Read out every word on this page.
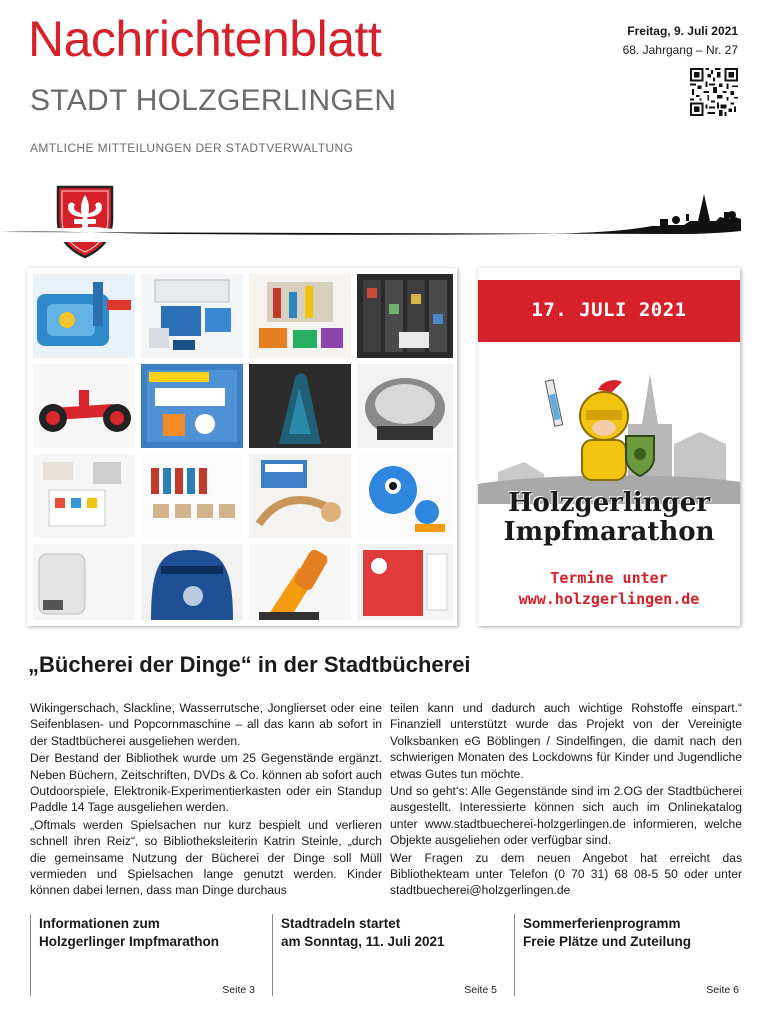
Nachrichtenblatt
STADT HOLZGERLINGEN
AMTLICHE MITTEILUNGEN DER STADTVERWALTUNG
Freitag, 9. Juli 2021
68. Jahrgang – Nr. 27
17. JULI 2021
Holzgerlinger
Impfmarathon
Termine unter
www.holzgerlingen.de
„Bücherei der Dinge“ in der Stadtbücherei

Wikingerschach, Slackline, Wasserrutsche, Jonglierset oder eine Seifenblasen- und Popcornmaschine – all das kann ab sofort in der Stadtbücherei ausgeliehen werden.

Der Bestand der Bibliothek wurde um 25 Gegenstände ergänzt. Neben Büchern, Zeitschriften, DVDs & Co. können ab sofort auch Outdoorspiele, Elektronik-Experimentierkasten oder ein Standup Paddle 14 Tage ausgeliehen werden.

„Oftmals werden Spielsachen nur kurz bespielt und verlieren schnell ihren Reiz“, so Bibliotheksleiterin Katrin Steinle, „durch die gemeinsame Nutzung der Bücherei der Dinge soll Müll vermieden und Spielsachen lange genutzt werden. Kinder können dabei lernen, dass man Dinge durchaus

teilen kann und dadurch auch wichtige Rohstoffe einspart.“ Finanziell unterstützt wurde das Projekt von der Vereinigte Volksbanken eG Böblingen / Sindelfingen, die damit nach den schwierigen Monaten des Lockdowns für Kinder und Jugendliche etwas Gutes tun möchte.

Und so geht‘s: Alle Gegenstände sind im 2.OG der Stadtbücherei ausgestellt. Interessierte können sich auch im Onlinekatalog unter www.stadtbuecherei-holzgerlingen.de informieren, welche Objekte ausgeliehen oder verfügbar sind.

Wer Fragen zu dem neuen Angebot hat erreicht das Bibliothekteam unter Telefon (0 70 31) 68 08-5 50 oder unter stadtbuecherei@holzgerlingen.de

Informationen zum
Holzgerlinger Impfmarathon
Seite 3
Stadtradeln startet
am Sonntag, 11. Juli 2021
Seite 5
Sommerferienprogramm
Freie Plätze und Zuteilung
Seite 6
